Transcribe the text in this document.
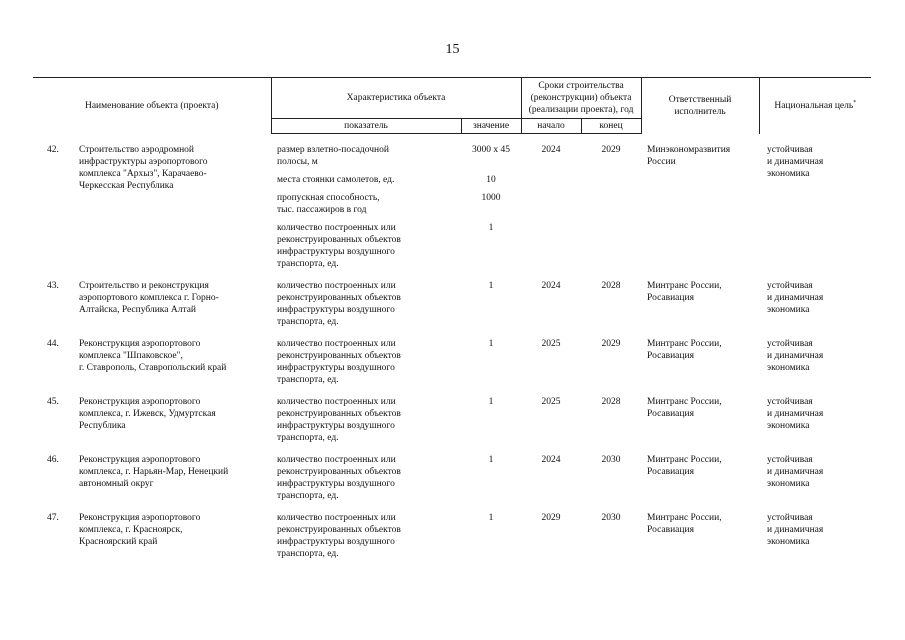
15
Наименование объекта (проекта)		Характеристика объекта		Сроки строительства
(реконструкции) объекта
(реализации проекта), год		Ответственный
исполнитель	Национальная цель*
		показатель	значение	начало	конец		
42.	Строительство аэродромной
инфраструктуры аэропортового
комплекса "Архыз", Карачаево-
Черкесская Республика	размер взлетно-посадочной
полосы, м	3000 x 45	2024	2029	Минэкономразвития
России	устойчивая
и динамичная
экономика
		места стоянки самолетов, ед.	10				
		пропускная способность,
тыс. пассажиров в год	1000				
		количество построенных или
реконструированных объектов
инфраструктуры воздушного
транспорта, ед.	1				
43.	Строительство и реконструкция
аэропортового комплекса г. Горно-
Алтайска, Республика Алтай	количество построенных или
реконструированных объектов
инфраструктуры воздушного
транспорта, ед.	1	2024	2028	Минтранс России,
Росавиация	устойчивая
и динамичная
экономика
44.	Реконструкция аэропортового
комплекса "Шпаковское",
г. Ставрополь, Ставропольский край	количество построенных или
реконструированных объектов
инфраструктуры воздушного
транспорта, ед.	1	2025	2029	Минтранс России,
Росавиация	устойчивая
и динамичная
экономика
45.	Реконструкция аэропортового
комплекса, г. Ижевск, Удмуртская
Республика	количество построенных или
реконструированных объектов
инфраструктуры воздушного
транспорта, ед.	1	2025	2028	Минтранс России,
Росавиация	устойчивая
и динамичная
экономика
46.	Реконструкция аэропортового
комплекса, г. Нарьян-Мар, Ненецкий
автономный округ	количество построенных или
реконструированных объектов
инфраструктуры воздушного
транспорта, ед.	1	2024	2030	Минтранс России,
Росавиация	устойчивая
и динамичная
экономика
47.	Реконструкция аэропортового
комплекса, г. Красноярск,
Красноярский край	количество построенных или
реконструированных объектов
инфраструктуры воздушного
транспорта, ед.	1	2029	2030	Минтранс России,
Росавиация	устойчивая
и динамичная
экономика
